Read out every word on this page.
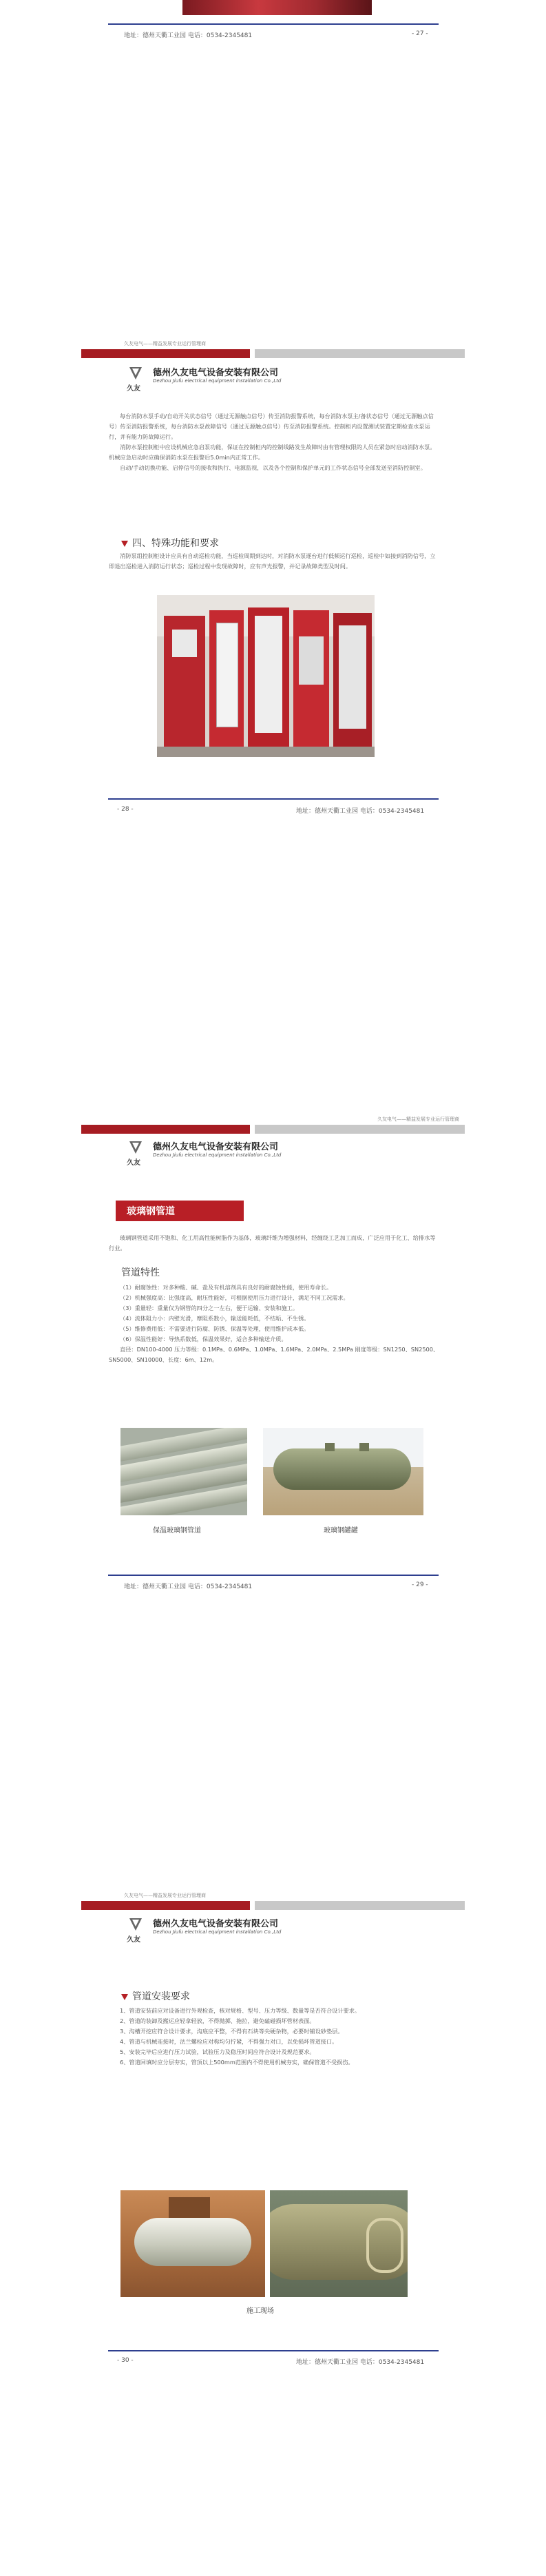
地址：德州天衢工业园 电话：0534-2345481	- 27 -
久友电气——精益发展专业运行管理商
久友
德州久友电气设备安装有限公司
Dezhou Jiufu electrical equipment installation Co.,Ltd

每台消防水泵手动/自动开关状态信号（通过无源触点信号）传至消防报警系统，每台消防水泵主/备状态信号（通过无源触点信号）传至消防报警系统，每台消防水泵故障信号（通过无源触点信号）传至消防报警系统。控制柜内设置测试装置定期检查水泵运行，并有能力防故障运行。

消防水泵控制柜中应设机械应急启泵功能，保证在控制柜内的控制线路发生故障时由有管理权限的人员在紧急时启动消防水泵。机械应急启动时应确保消防水泵在报警后5.0min内正常工作。

自动/手动切换功能、启停信号的接收和执行、电源监视，以及各个控制和保护单元的工作状态信号全部发送至消防控制室。

四、特殊功能和要求

消防泵组控制柜设计应具有自动巡检功能，当巡检周期到达时，对消防水泵逐台进行低频运行巡检，巡检中如接到消防信号，立即退出巡检进入消防运行状态；巡检过程中发现故障时，应有声光报警，并记录故障类型及时间。

- 28 -	地址：德州天衢工业园 电话：0534-2345481
久友电气——精益发展专业运行管理商
久友
德州久友电气设备安装有限公司
Dezhou Jiufu electrical equipment installation Co.,Ltd
玻璃钢管道

玻璃钢管道采用不饱和、化工用高性能树脂作为基体，玻璃纤维为增强材料，经缠绕工艺加工而成，广泛应用于化工、给排水等行业。

管道特性

（1）耐腐蚀性：对多种酸、碱、盐及有机溶剂具有良好的耐腐蚀性能，使用寿命长。

（2）机械强度高：比强度高，耐压性能好，可根据使用压力进行设计，满足不同工况需求。

（3）重量轻：重量仅为钢管的四分之一左右，便于运输、安装和施工。

（4）流体阻力小：内壁光滑，摩阻系数小，输送能耗低，不结垢、不生锈。

（5）维修费用低：不需要进行防腐、防锈、保温等处理，使用维护成本低。

（6）保温性能好：导热系数低，保温效果好，适合多种输送介质。

直径：DN100-4000 压力等级：0.1MPa、0.6MPa、1.0MPa、1.6MPa、2.0MPa、2.5MPa 刚度等级：SN1250、SN2500、SN5000、SN10000、长度：6m、12m。

保温玻璃钢管道	玻璃钢罐罐
地址：德州天衢工业园 电话：0534-2345481	- 29 -
久友电气——精益发展专业运行管理商
久友
德州久友电气设备安装有限公司
Dezhou Jiufu electrical equipment installation Co.,Ltd
管道安装要求

1、管道安装前应对设备进行外观检查，核对规格、型号、压力等级、数量等是否符合设计要求。

2、管道的装卸及搬运应轻拿轻放，不得抛掷、拖拉，避免磕碰损坏管材表面。

3、沟槽开挖应符合设计要求，沟底应平整，不得有石块等尖硬杂物，必要时铺设砂垫层。

4、管道与机械连接时，法兰螺栓应对称均匀拧紧，不得强力对口，以免损坏管道接口。

5、安装完毕后应进行压力试验，试验压力及稳压时间应符合设计及规范要求。

6、管道回填时应分层夯实，管顶以上500mm范围内不得使用机械夯实，确保管道不受损伤。

施工现场
- 30 -	地址：德州天衢工业园 电话：0534-2345481
